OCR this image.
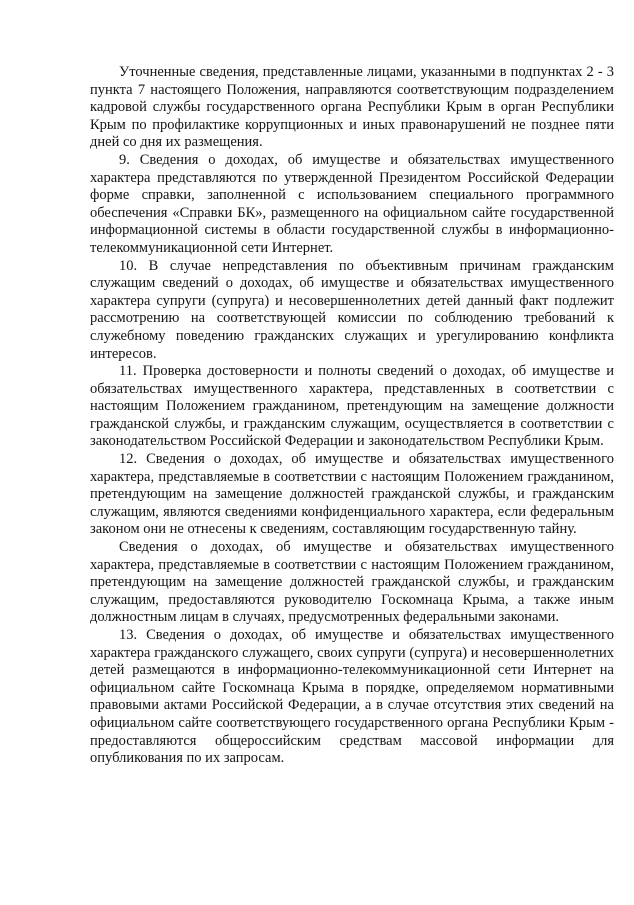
Уточненные сведения, представленные лицами, указанными в подпунктах 2 - 3 пункта 7 настоящего Положения, направляются соответствующим подразделением кадровой службы государственного органа Республики Крым в орган Республики Крым по профилактике коррупционных и иных правонарушений не позднее пяти дней со дня их размещения.

9. Сведения о доходах, об имуществе и обязательствах имущественного характера представляются по утвержденной Президентом Российской Федерации форме справки, заполненной с использованием специального программного обеспечения «Справки БК», размещенного на официальном сайте государственной информационной системы в области государственной службы в информационно-телекоммуникационной сети Интернет.

10. В случае непредставления по объективным причинам гражданским служащим сведений о доходах, об имуществе и обязательствах имущественного характера супруги (супруга) и несовершеннолетних детей данный факт подлежит рассмотрению на соответствующей комиссии по соблюдению требований к служебному поведению гражданских служащих и урегулированию конфликта интересов.

11. Проверка достоверности и полноты сведений о доходах, об имуществе и обязательствах имущественного характера, представленных в соответствии с настоящим Положением гражданином, претендующим на замещение должности гражданской службы, и гражданским служащим, осуществляется в соответствии с законодательством Российской Федерации и законодательством Республики Крым.

12. Сведения о доходах, об имуществе и обязательствах имущественного характера, представляемые в соответствии с настоящим Положением гражданином, претендующим на замещение должностей гражданской службы, и гражданским служащим, являются сведениями конфиденциального характера, если федеральным законом они не отнесены к сведениям, составляющим государственную тайну.

Сведения о доходах, об имуществе и обязательствах имущественного характера, представляемые в соответствии с настоящим Положением гражданином, претендующим на замещение должностей гражданской службы, и гражданским служащим, предоставляются руководителю Госкомнаца Крыма, а также иным должностным лицам в случаях, предусмотренных федеральными законами.

13. Сведения о доходах, об имуществе и обязательствах имущественного характера гражданского служащего, своих супруги (супруга) и несовершеннолетних детей размещаются в информационно-телекоммуникационной сети Интернет на официальном сайте Госкомнаца Крыма в порядке, определяемом нормативными правовыми актами Российской Федерации, а в случае отсутствия этих сведений на официальном сайте соответствующего государственного органа Республики Крым - предоставляются общероссийским средствам массовой информации для опубликования по их запросам.
